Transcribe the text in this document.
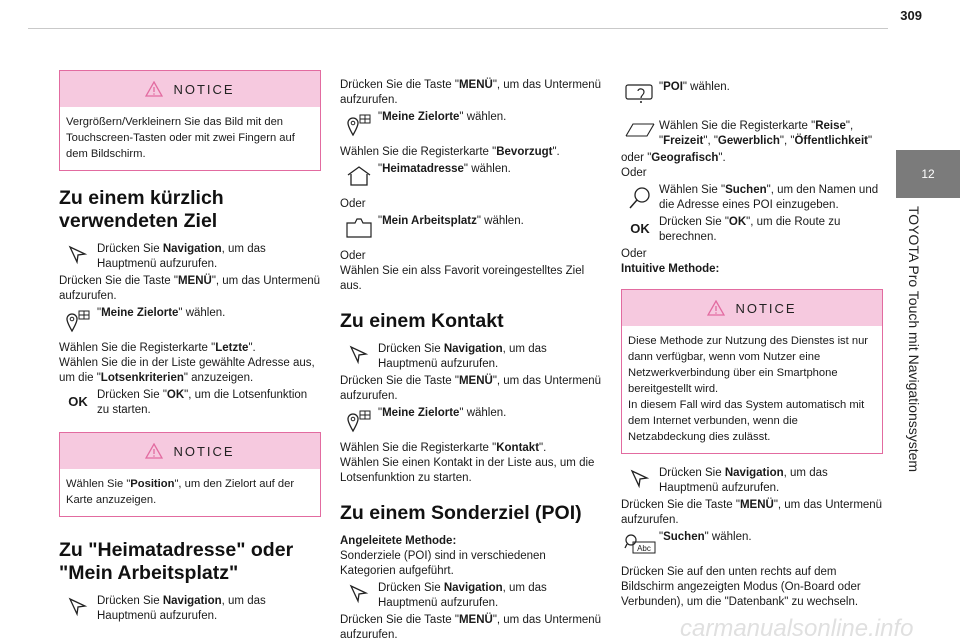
309
12
TOYOTA Pro Touch mit Navigationssystem
NOTICE
Vergrößern/Verkleinern Sie das Bild mit den Touchscreen-Tasten oder mit zwei Fingern auf dem Bildschirm.
Zu einem kürzlich verwendeten Ziel
Drücken Sie Navigation, um das Hauptmenü aufzurufen.

Drücken Sie die Taste "MENÜ", um das Untermenü aufzurufen.

"Meine Zielorte" wählen.

Wählen Sie die Registerkarte "Letzte".

Wählen Sie die in der Liste gewählte Adresse aus, um die "Lotsenkriterien" anzuzeigen.

OK Drücken Sie "OK", um die Lotsenfunktion zu starten.
NOTICE
Wählen Sie "Position", um den Zielort auf der Karte anzuzeigen.
Zu "Heimatadresse" oder "Mein Arbeitsplatz"
Drücken Sie Navigation, um das Hauptmenü aufzurufen.

Drücken Sie die Taste "MENÜ", um das Untermenü aufzurufen.

"Meine Zielorte" wählen.

Wählen Sie die Registerkarte "Bevorzugt".

"Heimatadresse" wählen.

Oder

"Mein Arbeitsplatz" wählen.

Oder

Wählen Sie ein alss Favorit voreingestelltes Ziel aus.

Zu einem Kontakt
Drücken Sie Navigation, um das Hauptmenü aufzurufen.

Drücken Sie die Taste "MENÜ", um das Untermenü aufzurufen.

"Meine Zielorte" wählen.

Wählen Sie die Registerkarte "Kontakt".

Wählen Sie einen Kontakt in der Liste aus, um die Lotsenfunktion zu starten.

Zu einem Sonderziel (POI)

Angeleitete Methode:

Sonderziele (POI) sind in verschiedenen Kategorien aufgeführt.

Drücken Sie Navigation, um das Hauptmenü aufzurufen.

Drücken Sie die Taste "MENÜ", um das Untermenü aufzurufen.

"POI" wählen.
Wählen Sie die Registerkarte "Reise", "Freizeit", "Gewerblich", "Öffentlichkeit"

oder "Geografisch".

Oder

Wählen Sie "Suchen", um den Namen und die Adresse eines POI einzugeben.
OK Drücken Sie "OK", um die Route zu berechnen.

Oder

Intuitive Methode:

NOTICE
Diese Methode zur Nutzung des Dienstes ist nur dann verfügbar, wenn vom Nutzer eine Netzwerkverbindung über ein Smartphone bereitgestellt wird.
In diesem Fall wird das System automatisch mit dem Internet verbunden, wenn die Netzabdeckung dies zulässt.
Drücken Sie Navigation, um das Hauptmenü aufzurufen.

Drücken Sie die Taste "MENÜ", um das Untermenü aufzurufen.

Abc
"Suchen" wählen.

Drücken Sie auf den unten rechts auf dem Bildschirm angezeigten Modus (On-Board oder Verbunden), um die "Datenbank" zu wechseln.

carmanualsonline.info
